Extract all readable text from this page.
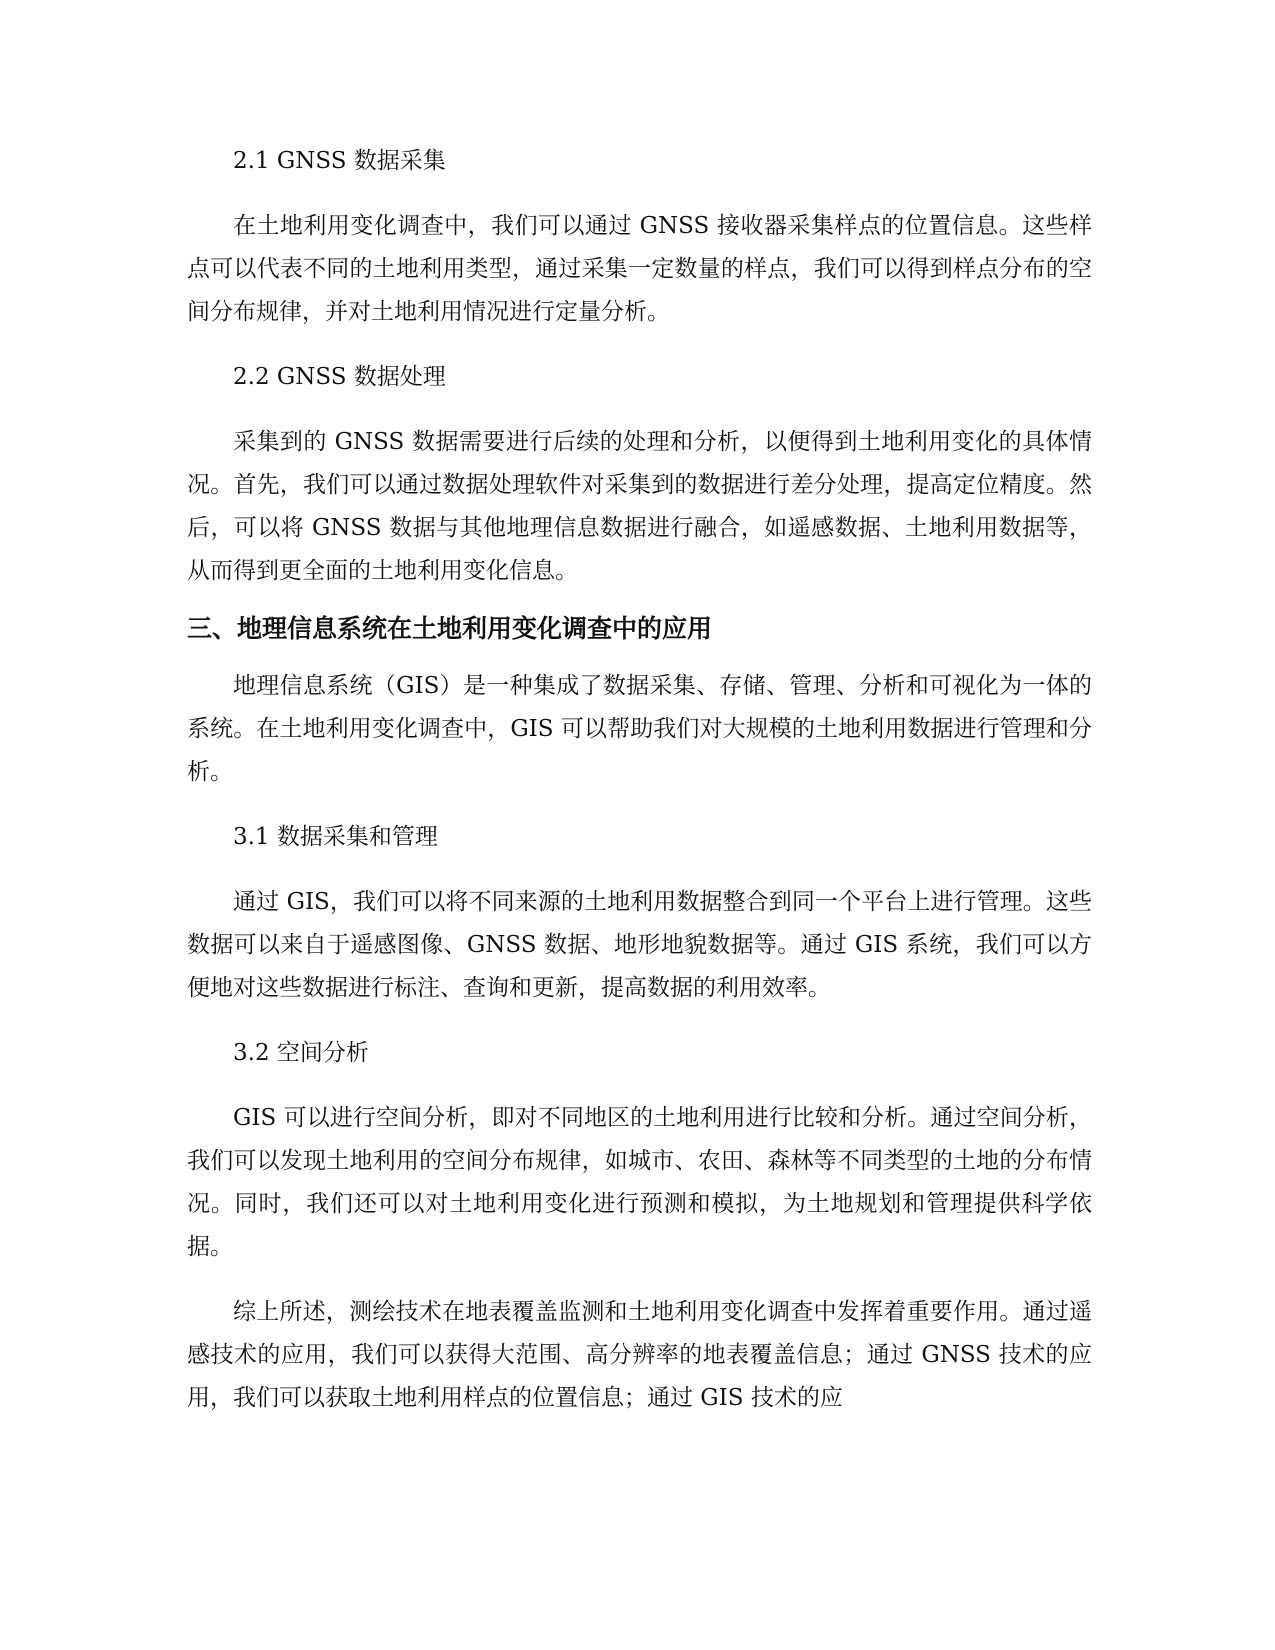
2.1 GNSS 数据采集
在土地利用变化调查中，我们可以通过 GNSS 接收器采集样点的位置信息。这些样点可以代表不同的土地利用类型，通过采集一定数量的样点，我们可以得到样点分布的空间分布规律，并对土地利用情况进行定量分析。
2.2 GNSS 数据处理
采集到的 GNSS 数据需要进行后续的处理和分析，以便得到土地利用变化的具体情况。首先，我们可以通过数据处理软件对采集到的数据进行差分处理，提高定位精度。然后，可以将 GNSS 数据与其他地理信息数据进行融合，如遥感数据、土地利用数据等，从而得到更全面的土地利用变化信息。
三、地理信息系统在土地利用变化调查中的应用
地理信息系统（GIS）是一种集成了数据采集、存储、管理、分析和可视化为一体的系统。在土地利用变化调查中，GIS 可以帮助我们对大规模的土地利用数据进行管理和分析。
3.1 数据采集和管理
通过 GIS，我们可以将不同来源的土地利用数据整合到同一个平台上进行管理。这些数据可以来自于遥感图像、GNSS 数据、地形地貌数据等。通过 GIS 系统，我们可以方便地对这些数据进行标注、查询和更新，提高数据的利用效率。
3.2 空间分析
GIS 可以进行空间分析，即对不同地区的土地利用进行比较和分析。通过空间分析，我们可以发现土地利用的空间分布规律，如城市、农田、森林等不同类型的土地的分布情况。同时，我们还可以对土地利用变化进行预测和模拟，为土地规划和管理提供科学依据。
综上所述，测绘技术在地表覆盖监测和土地利用变化调查中发挥着重要作用。通过遥感技术的应用，我们可以获得大范围、高分辨率的地表覆盖信息；通过 GNSS 技术的应用，我们可以获取土地利用样点的位置信息；通过 GIS 技术的应
